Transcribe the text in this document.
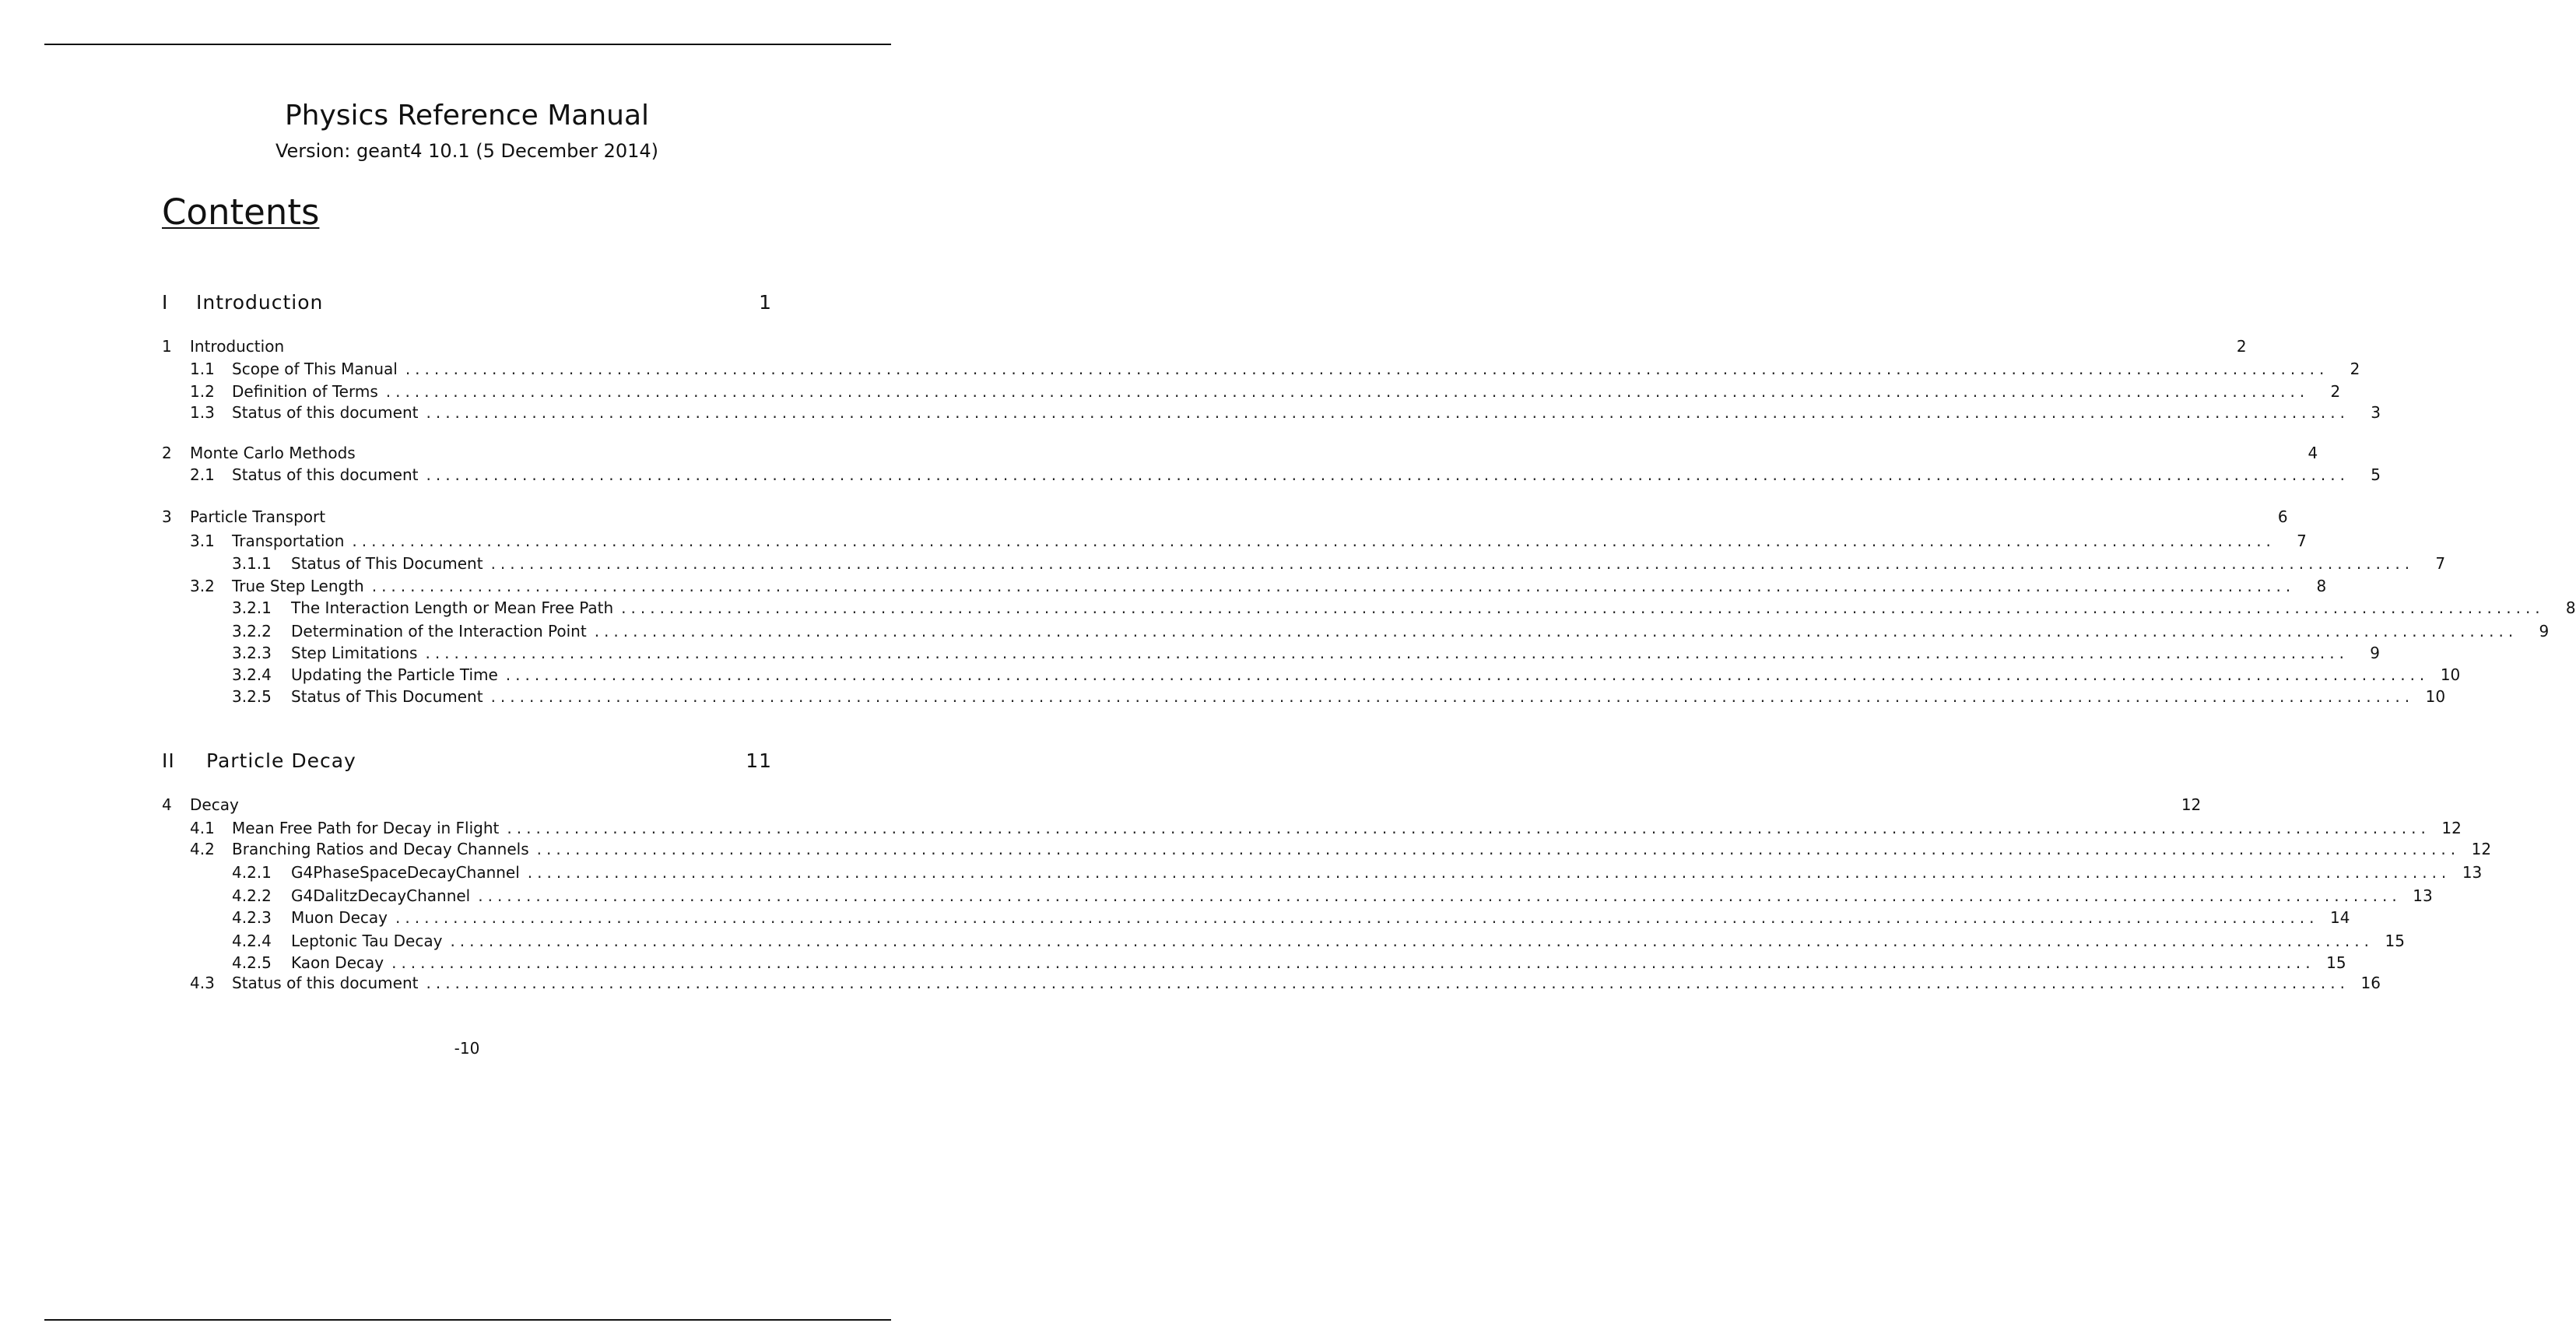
Physics Reference Manual
Version: geant4 10.1 (5 December 2014)
Contents
I Introduction	1
1	Introduction	2
1.1	Scope of This Manual ........................................................................................................................................................................................................	2
1.2	Definition of Terms ........................................................................................................................................................................................................	2
1.3	Status of this document ........................................................................................................................................................................................................	3
2	Monte Carlo Methods	4
2.1	Status of this document ........................................................................................................................................................................................................	5
3	Particle Transport	6
3.1	Transportation ........................................................................................................................................................................................................	7
3.1.1	Status of This Document ........................................................................................................................................................................................................	7
3.2	True Step Length ........................................................................................................................................................................................................	8
3.2.1	The Interaction Length or Mean Free Path ........................................................................................................................................................................................................	8
3.2.2	Determination of the Interaction Point ........................................................................................................................................................................................................	9
3.2.3	Step Limitations ........................................................................................................................................................................................................	9
3.2.4	Updating the Particle Time ........................................................................................................................................................................................................ 10
3.2.5	Status of This Document ........................................................................................................................................................................................................ 10
II Particle Decay	11
4	Decay	12
4.1	Mean Free Path for Decay in Flight ........................................................................................................................................................................................................ 12
4.2	Branching Ratios and Decay Channels ........................................................................................................................................................................................................ 12
4.2.1	G4PhaseSpaceDecayChannel ........................................................................................................................................................................................................ 13
4.2.2	G4DalitzDecayChannel ........................................................................................................................................................................................................ 13
4.2.3	Muon Decay ........................................................................................................................................................................................................ 14
4.2.4	Leptonic Tau Decay ........................................................................................................................................................................................................ 15
4.2.5	Kaon Decay ........................................................................................................................................................................................................ 15
4.3	Status of this document ........................................................................................................................................................................................................ 16
-10
